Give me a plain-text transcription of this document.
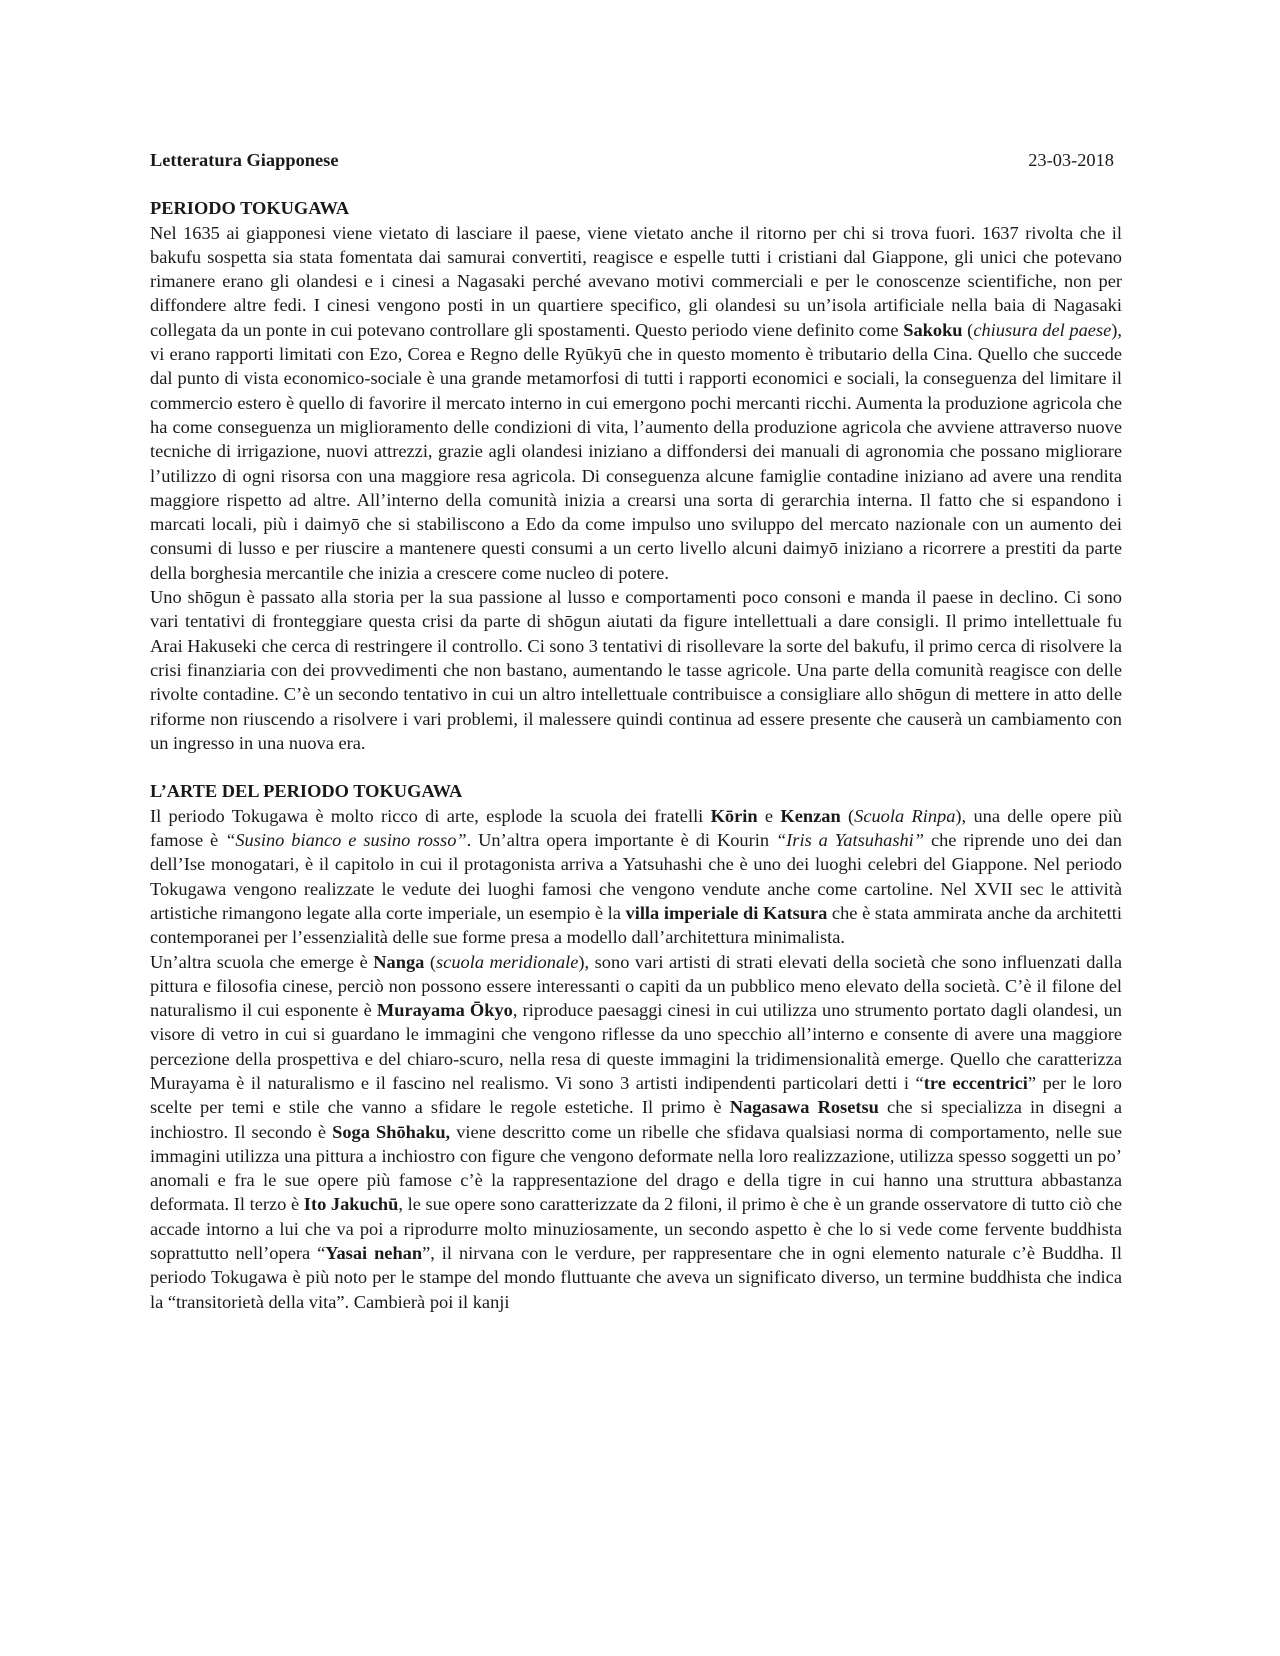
Letteratura Giapponese	23-03-2018
PERIODO TOKUGAWA

Nel 1635 ai giapponesi viene vietato di lasciare il paese, viene vietato anche il ritorno per chi si trova fuori. 1637 rivolta che il bakufu sospetta sia stata fomentata dai samurai convertiti, reagisce e espelle tutti i cristiani dal Giappone, gli unici che potevano rimanere erano gli olandesi e i cinesi a Nagasaki perché avevano motivi commerciali e per le conoscenze scientifiche, non per diffondere altre fedi. I cinesi vengono posti in un quartiere specifico, gli olandesi su un’isola artificiale nella baia di Nagasaki collegata da un ponte in cui potevano controllare gli spostamenti. Questo periodo viene definito come Sakoku (chiusura del paese), vi erano rapporti limitati con Ezo, Corea e Regno delle Ryūkyū che in questo momento è tributario della Cina. Quello che succede dal punto di vista economico-sociale è una grande metamorfosi di tutti i rapporti economici e sociali, la conseguenza del limitare il commercio estero è quello di favorire il mercato interno in cui emergono pochi mercanti ricchi. Aumenta la produzione agricola che ha come conseguenza un miglioramento delle condizioni di vita, l’aumento della produzione agricola che avviene attraverso nuove tecniche di irrigazione, nuovi attrezzi, grazie agli olandesi iniziano a diffondersi dei manuali di agronomia che possano migliorare l’utilizzo di ogni risorsa con una maggiore resa agricola. Di conseguenza alcune famiglie contadine iniziano ad avere una rendita maggiore rispetto ad altre. All’interno della comunità inizia a crearsi una sorta di gerarchia interna. Il fatto che si espandono i marcati locali, più i daimyō che si stabiliscono a Edo da come impulso uno sviluppo del mercato nazionale con un aumento dei consumi di lusso e per riuscire a mantenere questi consumi a un certo livello alcuni daimyō iniziano a ricorrere a prestiti da parte della borghesia mercantile che inizia a crescere come nucleo di potere.

Uno shōgun è passato alla storia per la sua passione al lusso e comportamenti poco consoni e manda il paese in declino. Ci sono vari tentativi di fronteggiare questa crisi da parte di shōgun aiutati da figure intellettuali a dare consigli. Il primo intellettuale fu Arai Hakuseki che cerca di restringere il controllo. Ci sono 3 tentativi di risollevare la sorte del bakufu, il primo cerca di risolvere la crisi finanziaria con dei provvedimenti che non bastano, aumentando le tasse agricole. Una parte della comunità reagisce con delle rivolte contadine. C’è un secondo tentativo in cui un altro intellettuale contribuisce a consigliare allo shōgun di mettere in atto delle riforme non riuscendo a risolvere i vari problemi, il malessere quindi continua ad essere presente che causerà un cambiamento con un ingresso in una nuova era.

L’ARTE DEL PERIODO TOKUGAWA

Il periodo Tokugawa è molto ricco di arte, esplode la scuola dei fratelli Kōrin e Kenzan (Scuola Rinpa), una delle opere più famose è “Susino bianco e susino rosso”. Un’altra opera importante è di Kourin “Iris a Yatsuhashi” che riprende uno dei dan dell’Ise monogatari, è il capitolo in cui il protagonista arriva a Yatsuhashi che è uno dei luoghi celebri del Giappone. Nel periodo Tokugawa vengono realizzate le vedute dei luoghi famosi che vengono vendute anche come cartoline. Nel XVII sec le attività artistiche rimangono legate alla corte imperiale, un esempio è la villa imperiale di Katsura che è stata ammirata anche da architetti contemporanei per l’essenzialità delle sue forme presa a modello dall’architettura minimalista.

Un’altra scuola che emerge è Nanga (scuola meridionale), sono vari artisti di strati elevati della società che sono influenzati dalla pittura e filosofia cinese, perciò non possono essere interessanti o capiti da un pubblico meno elevato della società. C’è il filone del naturalismo il cui esponente è Murayama Ōkyo, riproduce paesaggi cinesi in cui utilizza uno strumento portato dagli olandesi, un visore di vetro in cui si guardano le immagini che vengono riflesse da uno specchio all’interno e consente di avere una maggiore percezione della prospettiva e del chiaro-scuro, nella resa di queste immagini la tridimensionalità emerge. Quello che caratterizza Murayama è il naturalismo e il fascino nel realismo. Vi sono 3 artisti indipendenti particolari detti i “tre eccentrici” per le loro scelte per temi e stile che vanno a sfidare le regole estetiche. Il primo è Nagasawa Rosetsu che si specializza in disegni a inchiostro. Il secondo è Soga Shōhaku, viene descritto come un ribelle che sfidava qualsiasi norma di comportamento, nelle sue immagini utilizza una pittura a inchiostro con figure che vengono deformate nella loro realizzazione, utilizza spesso soggetti un po’ anomali e fra le sue opere più famose c’è la rappresentazione del drago e della tigre in cui hanno una struttura abbastanza deformata. Il terzo è Ito Jakuchū, le sue opere sono caratterizzate da 2 filoni, il primo è che è un grande osservatore di tutto ciò che accade intorno a lui che va poi a riprodurre molto minuziosamente, un secondo aspetto è che lo si vede come fervente buddhista soprattutto nell’opera “Yasai nehan”, il nirvana con le verdure, per rappresentare che in ogni elemento naturale c’è Buddha. Il periodo Tokugawa è più noto per le stampe del mondo fluttuante che aveva un significato diverso, un termine buddhista che indica la “transitorietà della vita”. Cambierà poi il kanji
